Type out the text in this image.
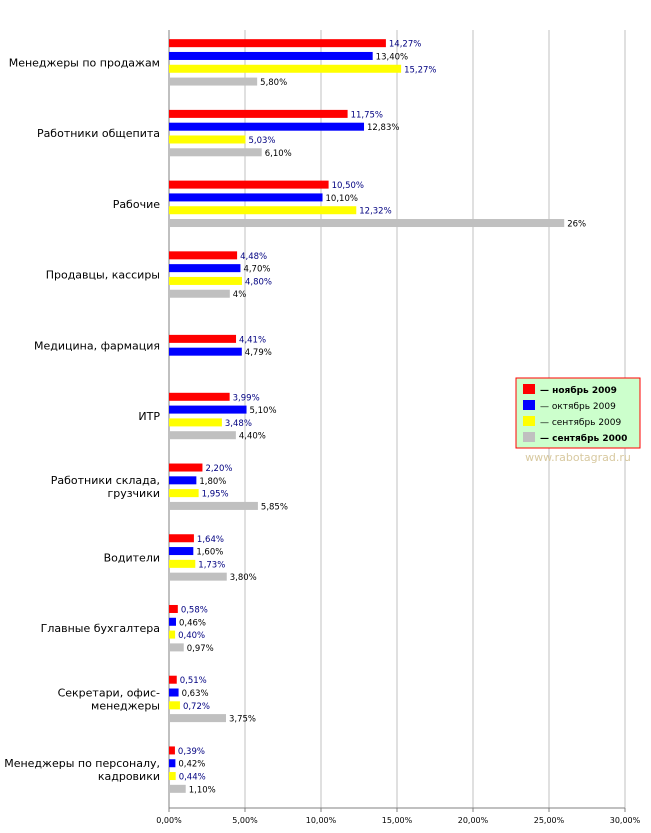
0,00%	5,00%	10,00%	15,00%	20,00%	25,00%	30,00%
Менеджеры по продажам
Работники общепита
Рабочие
Продавцы, кассиры
Медицина, фармация
ИТР
Работники склада,
грузчики
Водители
Главные бухгалтера
Секретари, офис-
менеджеры
Менеджеры по персоналу,
кадровики
14,27%
13,40%
15,27%
5,80%
11,75%
12,83%
5,03%
6,10%
10,50%
10,10%
12,32%
26%
4,48%
4,70%
4,80%
4%
4,41%
4,79%
3,99%
5,10%
3,48%
4,40%
2,20%
1,80%
1,95%
5,85%
1,64%
1,60%
1,73%
3,80%
0,58%
0,46%
0,40%
0,97%
0,51%
0,63%
0,72%
3,75%
0,39%
0,42%
0,44%
1,10%
— ноябрь 2009
— октябрь 2009
— сентябрь 2009
— сентябрь 2000
www.rabotagrad.ru
